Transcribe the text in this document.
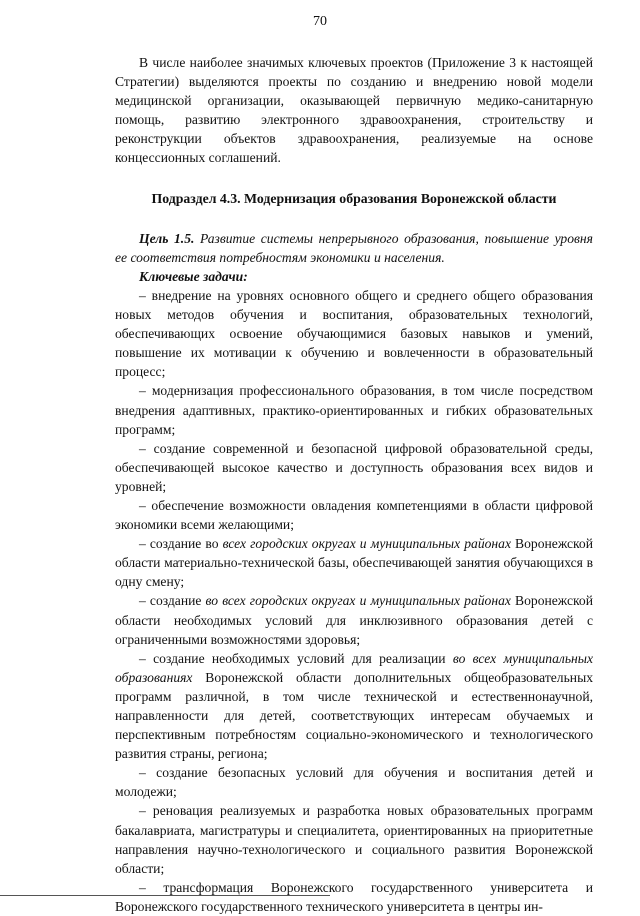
70

В числе наиболее значимых ключевых проектов (Приложение 3 к настоящей Стратегии) выделяются проекты по созданию и внедрению новой модели медицинской организации, оказывающей первичную медико-санитарную помощь, развитию электронного здравоохранения, строительству и реконструкции объектов здравоохранения, реализуемые на основе концессионных соглашений.

Подраздел 4.3. Модернизация образования Воронежской области

Цель 1.5. Развитие системы непрерывного образования, повышение уровня ее соответствия потребностям экономики и населения.

Ключевые задачи:

– внедрение на уровнях основного общего и среднего общего образования новых методов обучения и воспитания, образовательных технологий, обеспечивающих освоение обучающимися базовых навыков и умений, повышение их мотивации к обучению и вовлеченности в образовательный процесс;

– модернизация профессионального образования, в том числе посредством внедрения адаптивных, практико-ориентированных и гибких образовательных программ;

– создание современной и безопасной цифровой образовательной среды, обеспечивающей высокое качество и доступность образования всех видов и уровней;

– обеспечение возможности овладения компетенциями в области цифровой экономики всеми желающими;

– создание во всех городских округах и муниципальных районах Воронежской области материально-технической базы, обеспечивающей занятия обучающихся в одну смену;

– создание во всех городских округах и муниципальных районах Воронежской области необходимых условий для инклюзивного образования детей с ограниченными возможностями здоровья;

– создание необходимых условий для реализации во всех муниципальных образованиях Воронежской области дополнительных общеобразовательных программ различной, в том числе технической и естественнонаучной, направленности для детей, соответствующих интересам обучаемых и перспективным потребностям социально-экономического и технологического развития страны, региона;

– создание безопасных условий для обучения и воспитания детей и молодежи;

– реновация реализуемых и разработка новых образовательных программ бакалавриата, магистратуры и специалитета, ориентированных на приоритетные направления научно-технологического и социального развития Воронежской области;

– трансформация Воронежского государственного университета и Воронежского государственного технического университета в центры ин-
